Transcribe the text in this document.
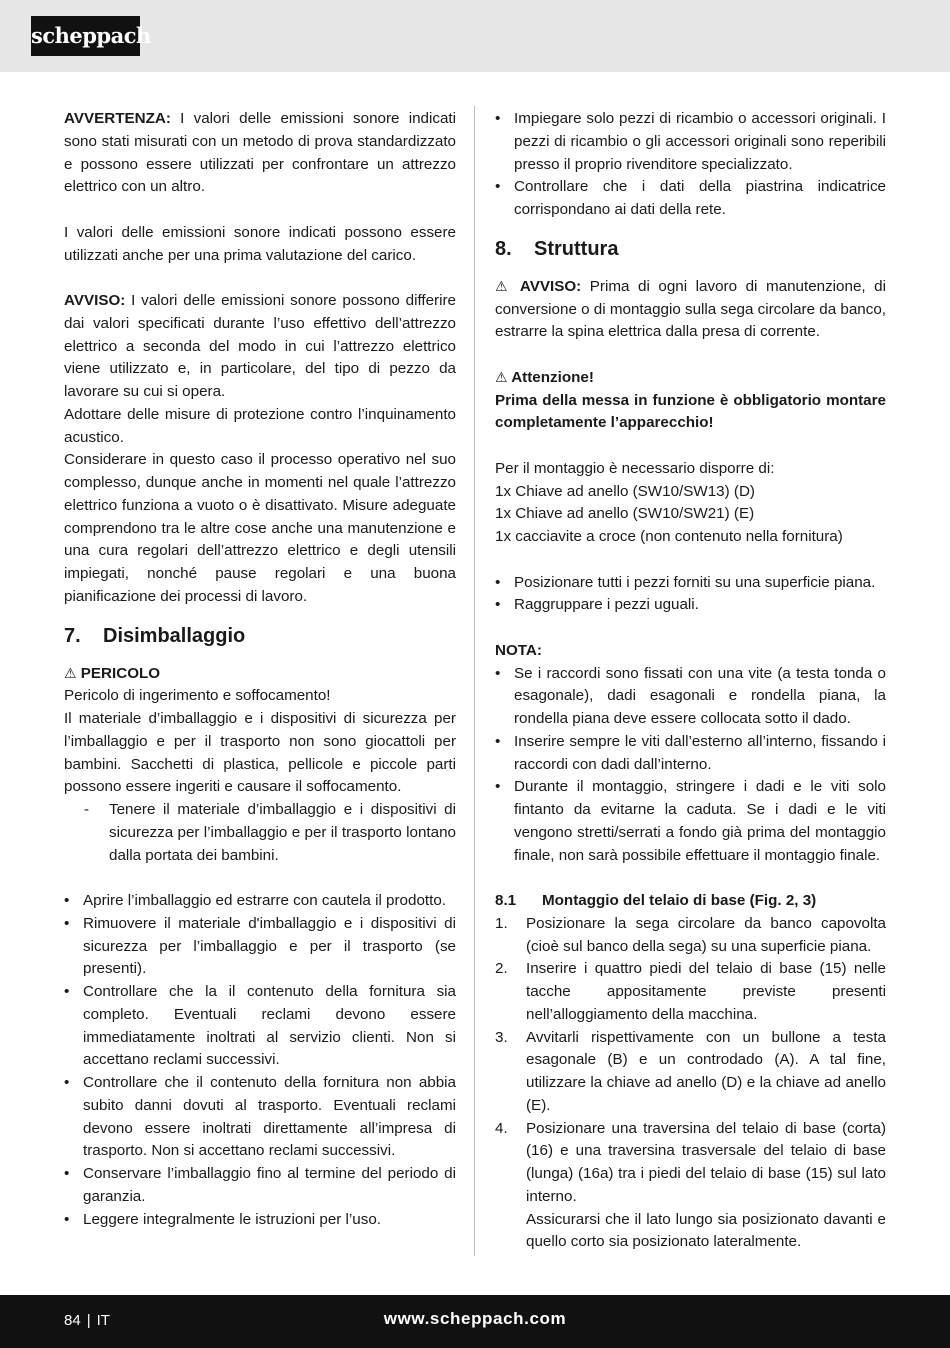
scheppach

AVVERTENZA: I valori delle emissioni sonore indicati sono stati misurati con un metodo di prova standardizzato e possono essere utilizzati per confrontare un attrezzo elettrico con un altro.

I valori delle emissioni sonore indicati possono essere utilizzati anche per una prima valutazione del carico.

AVVISO: I valori delle emissioni sonore possono differire dai valori specificati durante l’uso effettivo dell’attrezzo elettrico a seconda del modo in cui l’attrezzo elettrico viene utilizzato e, in particolare, del tipo di pezzo da lavorare su cui si opera.

Adottare delle misure di protezione contro l’inquinamento acustico.

Considerare in questo caso il processo operativo nel suo complesso, dunque anche in momenti nel quale l’attrezzo elettrico funziona a vuoto o è disattivato. Misure adeguate comprendono tra le altre cose anche una manutenzione e una cura regolari dell’attrezzo elettrico e degli utensili impiegati, nonché pause regolari e una buona pianificazione dei processi di lavoro.

7. Disimballaggio

⚠ PERICOLO

Pericolo di ingerimento e soffocamento!

Il materiale d’imballaggio e i dispositivi di sicurezza per l’imballaggio e per il trasporto non sono giocattoli per bambini. Sacchetti di plastica, pellicole e piccole parti possono essere ingeriti e causare il soffocamento.

- Tenere il materiale d’imballaggio e i dispositivi di sicurezza per l’imballaggio e per il trasporto lontano dalla portata dei bambini.
• Aprire l’imballaggio ed estrarre con cautela il prodotto.
• Rimuovere il materiale d'imballaggio e i dispositivi di sicurezza per l’imballaggio e per il trasporto (se presenti).
• Controllare che la il contenuto della fornitura sia completo. Eventuali reclami devono essere immediatamente inoltrati al servizio clienti. Non si accettano reclami successivi.
• Controllare che il contenuto della fornitura non abbia subito danni dovuti al trasporto. Eventuali reclami devono essere inoltrati direttamente all’impresa di trasporto. Non si accettano reclami successivi.
• Conservare l’imballaggio fino al termine del periodo di garanzia.
• Leggere integralmente le istruzioni per l’uso.
• Impiegare solo pezzi di ricambio o accessori originali. I pezzi di ricambio o gli accessori originali sono reperibili presso il proprio rivenditore specializzato.
• Controllare che i dati della piastrina indicatrice corrispondano ai dati della rete.
8. Struttura

⚠ AVVISO: Prima di ogni lavoro di manutenzione, di conversione o di montaggio sulla sega circolare da banco, estrarre la spina elettrica dalla presa di corrente.

⚠ Attenzione!

Prima della messa in funzione è obbligatorio montare completamente l’apparecchio!

Per il montaggio è necessario disporre di:

1x Chiave ad anello (SW10/SW13) (D)

1x Chiave ad anello (SW10/SW21) (E)

1x cacciavite a croce (non contenuto nella fornitura)

• Posizionare tutti i pezzi forniti su una superficie piana.
• Raggruppare i pezzi uguali.

NOTA:

• Se i raccordi sono fissati con una vite (a testa tonda o esagonale), dadi esagonali e rondella piana, la rondella piana deve essere collocata sotto il dado.
• Inserire sempre le viti dall’esterno all’interno, fissando i raccordi con dadi dall’interno.
• Durante il montaggio, stringere i dadi e le viti solo fintanto da evitarne la caduta. Se i dadi e le viti vengono stretti/serrati a fondo già prima del montaggio finale, non sarà possibile effettuare il montaggio finale.
8.1 Montaggio del telaio di base (Fig. 2, 3)
1. Posizionare la sega circolare da banco capovolta (cioè sul banco della sega) su una superficie piana.
2. Inserire i quattro piedi del telaio di base (15) nelle tacche appositamente previste presenti nell’alloggiamento della macchina.
3. Avvitarli rispettivamente con un bullone a testa esagonale (B) e un controdado (A). A tal fine, utilizzare la chiave ad anello (D) e la chiave ad anello (E).
4. Posizionare una traversina del telaio di base (corta) (16) e una traversina trasversale del telaio di base (lunga) (16a) tra i piedi del telaio di base (15) sul lato interno.
Assicurarsi che il lato lungo sia posizionato davanti e quello corto sia posizionato lateralmente.
84 | IT	www.scheppach.com
